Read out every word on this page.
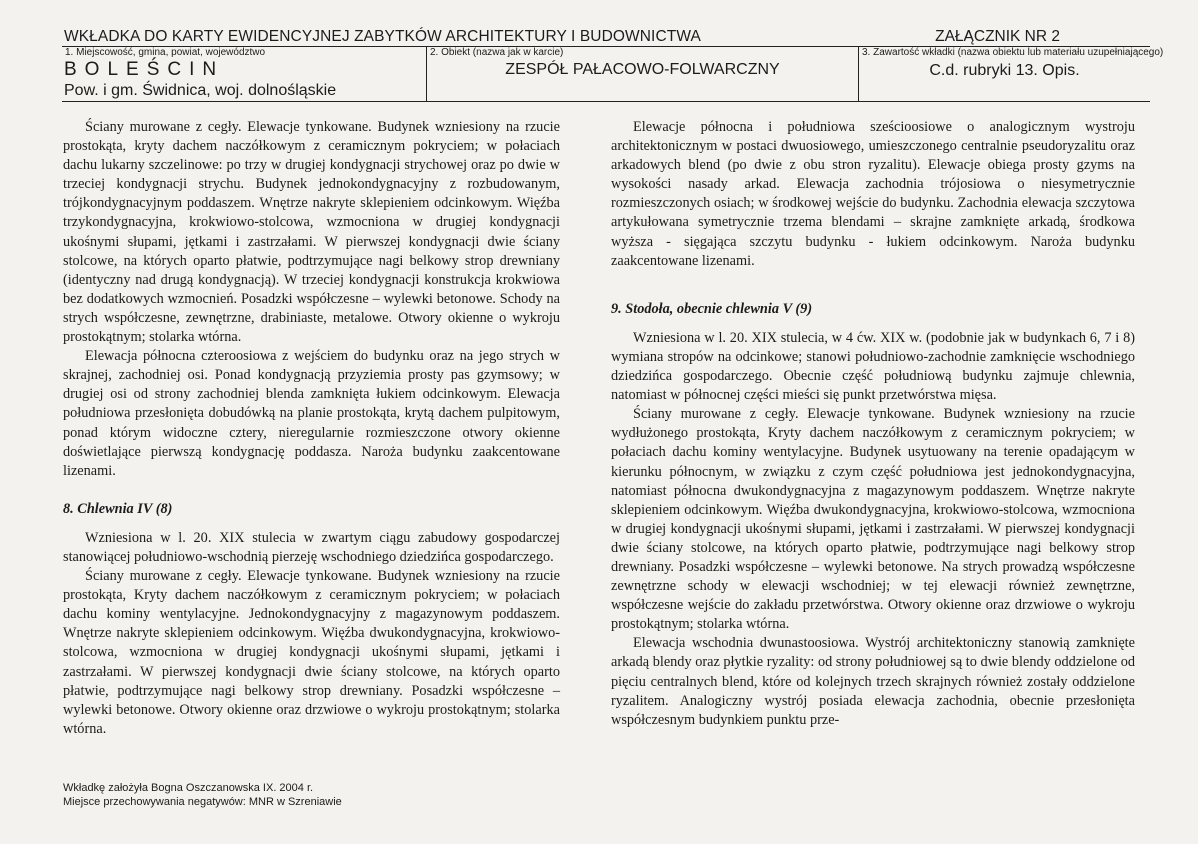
WKŁADKA DO KARTY EWIDENCYJNEJ ZABYTKÓW ARCHITEKTURY I BUDOWNICTWA	ZAŁĄCZNIK NR 2
1. Miejscowość, gmina, powiat, województwo
BOLEŚCIN
Pow. i gm. Świdnica, woj. dolnośląskie
2. Obiekt (nazwa jak w karcie)
ZESPÓŁ PAŁACOWO-FOLWARCZNY
3. Zawartość wkładki (nazwa obiektu lub materiału uzupełniającego)
C.d. rubryki 13. Opis.

Ściany murowane z cegły. Elewacje tynkowane. Budynek wzniesiony na rzucie prostokąta, kryty dachem naczółkowym z ceramicznym pokryciem; w połaciach dachu lukarny szczelinowe: po trzy w drugiej kondygnacji strychowej oraz po dwie w trzeciej kondygnacji strychu. Budynek jednokondygnacyjny z rozbudowanym, trójkondygnacyjnym poddaszem. Wnętrze nakryte sklepieniem odcinkowym. Więźba trzykondygnacyjna, krokwiowo-stolcowa, wzmocniona w drugiej kondygnacji ukośnymi słupami, jętkami i zastrzałami. W pierwszej kondygnacji dwie ściany stolcowe, na których oparto płatwie, podtrzymujące nagi belkowy strop drewniany (identyczny nad drugą kondygnacją). W trzeciej kondygnacji konstrukcja krokwiowa bez dodatkowych wzmocnień. Posadzki współczesne – wylewki betonowe. Schody na strych współczesne, zewnętrzne, drabiniaste, metalowe. Otwory okienne o wykroju prostokątnym; stolarka wtórna.

Elewacja północna czteroosiowa z wejściem do budynku oraz na jego strych w skrajnej, zachodniej osi. Ponad kondygnacją przyziemia prosty pas gzymsowy; w drugiej osi od strony zachodniej blenda zamknięta łukiem odcinkowym. Elewacja południowa przesłonięta dobudówką na planie prostokąta, krytą dachem pulpitowym, ponad którym widoczne cztery, nieregularnie rozmieszczone otwory okienne doświetlające pierwszą kondygnację poddasza. Naroża budynku zaakcentowane lizenami.

8. Chlewnia IV (8)

Wzniesiona w l. 20. XIX stulecia w zwartym ciągu zabudowy gospodarczej stanowiącej południowo-wschodnią pierzeję wschodniego dziedzińca gospodarczego.

Ściany murowane z cegły. Elewacje tynkowane. Budynek wzniesiony na rzucie prostokąta, Kryty dachem naczółkowym z ceramicznym pokryciem; w połaciach dachu kominy wentylacyjne. Jednokondygnacyjny z magazynowym poddaszem. Wnętrze nakryte sklepieniem odcinkowym. Więźba dwukondygnacyjna, krokwiowo-stolcowa, wzmocniona w drugiej kondygnacji ukośnymi słupami, jętkami i zastrzałami. W pierwszej kondygnacji dwie ściany stolcowe, na których oparto płatwie, podtrzymujące nagi belkowy strop drewniany. Posadzki współczesne – wylewki betonowe. Otwory okienne oraz drzwiowe o wykroju prostokątnym; stolarka wtórna.

Elewacje północna i południowa sześcioosiowe o analogicznym wystroju architektonicznym w postaci dwuosiowego, umieszczonego centralnie pseudoryzalitu oraz arkadowych blend (po dwie z obu stron ryzalitu). Elewacje obiega prosty gzyms na wysokości nasady arkad. Elewacja zachodnia trójosiowa o niesymetrycznie rozmieszczonych osiach; w środkowej wejście do budynku. Zachodnia elewacja szczytowa artykułowana symetrycznie trzema blendami – skrajne zamknięte arkadą, środkowa wyższa - sięgająca szczytu budynku - łukiem odcinkowym. Naroża budynku zaakcentowane lizenami.

9. Stodoła, obecnie chlewnia V (9)

Wzniesiona w l. 20. XIX stulecia, w 4 ćw. XIX w. (podobnie jak w budynkach 6, 7 i 8) wymiana stropów na odcinkowe; stanowi południowo-zachodnie zamknięcie wschodniego dziedzińca gospodarczego. Obecnie część południową budynku zajmuje chlewnia, natomiast w północnej części mieści się punkt przetwórstwa mięsa.

Ściany murowane z cegły. Elewacje tynkowane. Budynek wzniesiony na rzucie wydłużonego prostokąta, Kryty dachem naczółkowym z ceramicznym pokryciem; w połaciach dachu kominy wentylacyjne. Budynek usytuowany na terenie opadającym w kierunku północnym, w związku z czym część południowa jest jednokondygnacyjna, natomiast północna dwukondygnacyjna z magazynowym poddaszem. Wnętrze nakryte sklepieniem odcinkowym. Więźba dwukondygnacyjna, krokwiowo-stolcowa, wzmocniona w drugiej kondygnacji ukośnymi słupami, jętkami i zastrzałami. W pierwszej kondygnacji dwie ściany stolcowe, na których oparto płatwie, podtrzymujące nagi belkowy strop drewniany. Posadzki współczesne – wylewki betonowe. Na strych prowadzą współczesne zewnętrzne schody w elewacji wschodniej; w tej elewacji również zewnętrzne, współczesne wejście do zakładu przetwórstwa. Otwory okienne oraz drzwiowe o wykroju prostokątnym; stolarka wtórna.

Elewacja wschodnia dwunastoosiowa. Wystrój architektoniczny stanowią zamknięte arkadą blendy oraz płytkie ryzality: od strony południowej są to dwie blendy oddzielone od pięciu centralnych blend, które od kolejnych trzech skrajnych również zostały oddzielone ryzalitem. Analogiczny wystrój posiada elewacja zachodnia, obecnie przesłonięta współczesnym budynkiem punktu prze-

Wkładkę założyła Bogna Oszczanowska IX. 2004 r.
Miejsce przechowywania negatywów: MNR w Szreniawie
